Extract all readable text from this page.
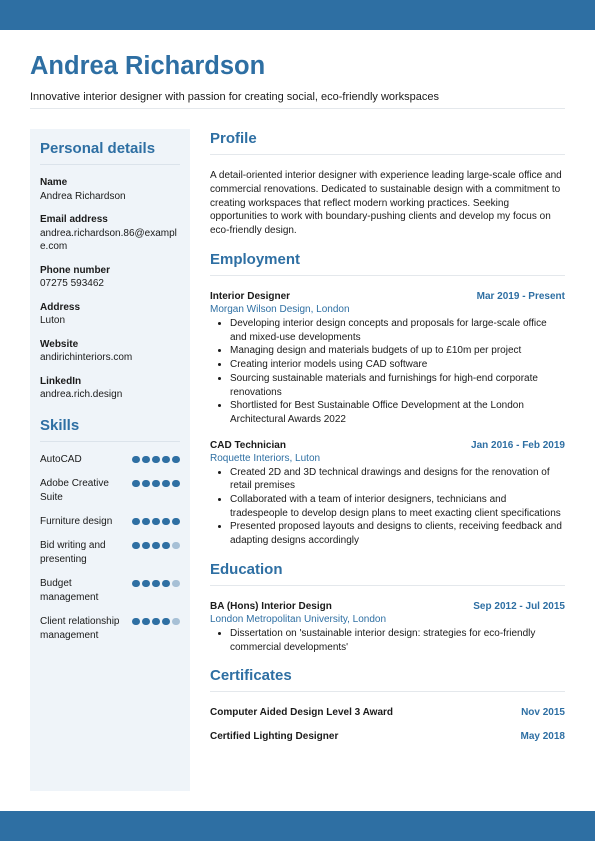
Andrea Richardson
Innovative interior designer with passion for creating social, eco-friendly workspaces
Personal details
Name
Andrea Richardson
Email address
andrea.richardson.86@​example.com
Phone number
07275 593462
Address
Luton
Website
andirichinteriors.com
LinkedIn
andrea.rich.design
Skills
AutoCAD
Adobe Creative Suite
Furniture design
Bid writing and presenting
Budget management
Client relationship management
Profile
A detail-oriented interior designer with experience leading large-scale office and commercial renovations. Dedicated to sustainable design with a commitment to creating workspaces that reflect modern working practices. Seeking opportunities to work with boundary-pushing clients and develop my focus on eco-friendly design.
Employment
Interior Designer	Mar 2019 - Present
Morgan Wilson Design, London
• Developing interior design concepts and proposals for large-scale office and mixed-use developments
• Managing design and materials budgets of up to £10m per project
• Creating interior models using CAD software
• Sourcing sustainable materials and furnishings for high-end corporate renovations
• Shortlisted for Best Sustainable Office Development at the London Architectural Awards 2022
CAD Technician	Jan 2016 - Feb 2019
Roquette Interiors, Luton
• Created 2D and 3D technical drawings and designs for the renovation of retail premises
• Collaborated with a team of interior designers, technicians and tradespeople to develop design plans to meet exacting client specifications
• Presented proposed layouts and designs to clients, receiving feedback and adapting designs accordingly
Education
BA (Hons) Interior Design	Sep 2012 - Jul 2015
London Metropolitan University, London
• Dissertation on 'sustainable interior design: strategies for eco-friendly commercial developments'
Certificates
Computer Aided Design Level 3 Award	Nov 2015
Certified Lighting Designer	May 2018
